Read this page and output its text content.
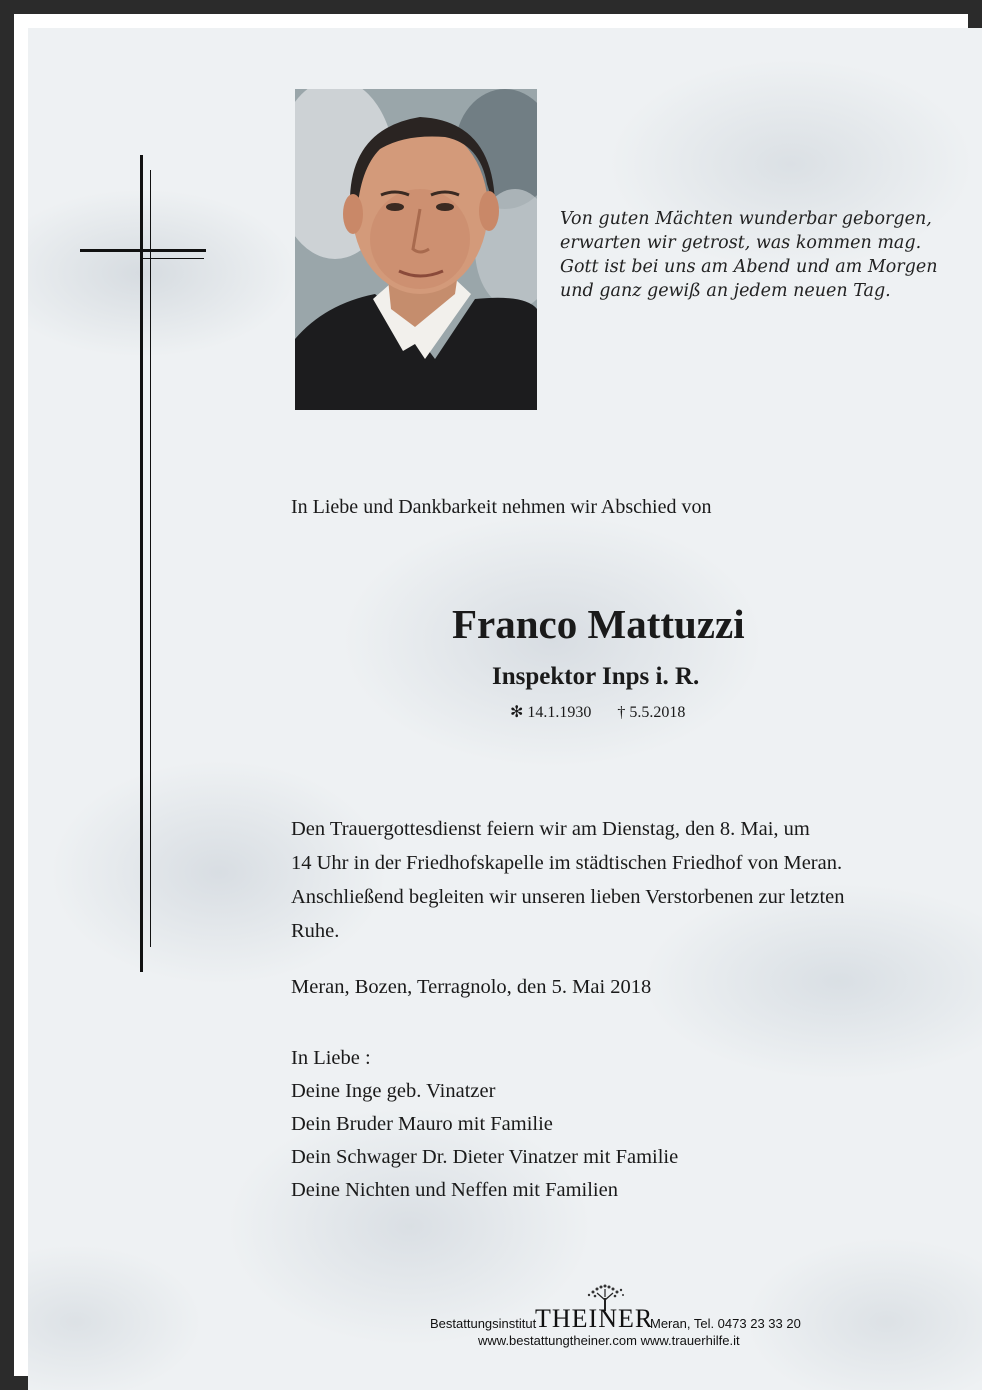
Von guten Mächten wunderbar geborgen,
erwarten wir getrost, was kommen mag.
Gott ist bei uns am Abend und am Morgen
und ganz gewiß an jedem neuen Tag.
In Liebe und Dankbarkeit nehmen wir Abschied von
Franco Mattuzzi
Inspektor Inps i. R.
✻ 14.1.1930 † 5.5.2018
Den Trauergottesdienst feiern wir am Dienstag, den 8. Mai, um
14 Uhr in der Friedhofskapelle im städtischen Friedhof von Meran.
Anschließend begleiten wir unseren lieben Verstorbenen zur letzten
Ruhe.
Meran, Bozen, Terragnolo, den 5. Mai 2018
In Liebe :
Deine Inge geb. Vinatzer
Dein Bruder Mauro mit Familie
Dein Schwager Dr. Dieter Vinatzer mit Familie
Deine Nichten und Neffen mit Familien
Bestattungsinstitut
THEINER
Meran, Tel. 0473 23 33 20
www.bestattungtheiner.com www.trauerhilfe.it
